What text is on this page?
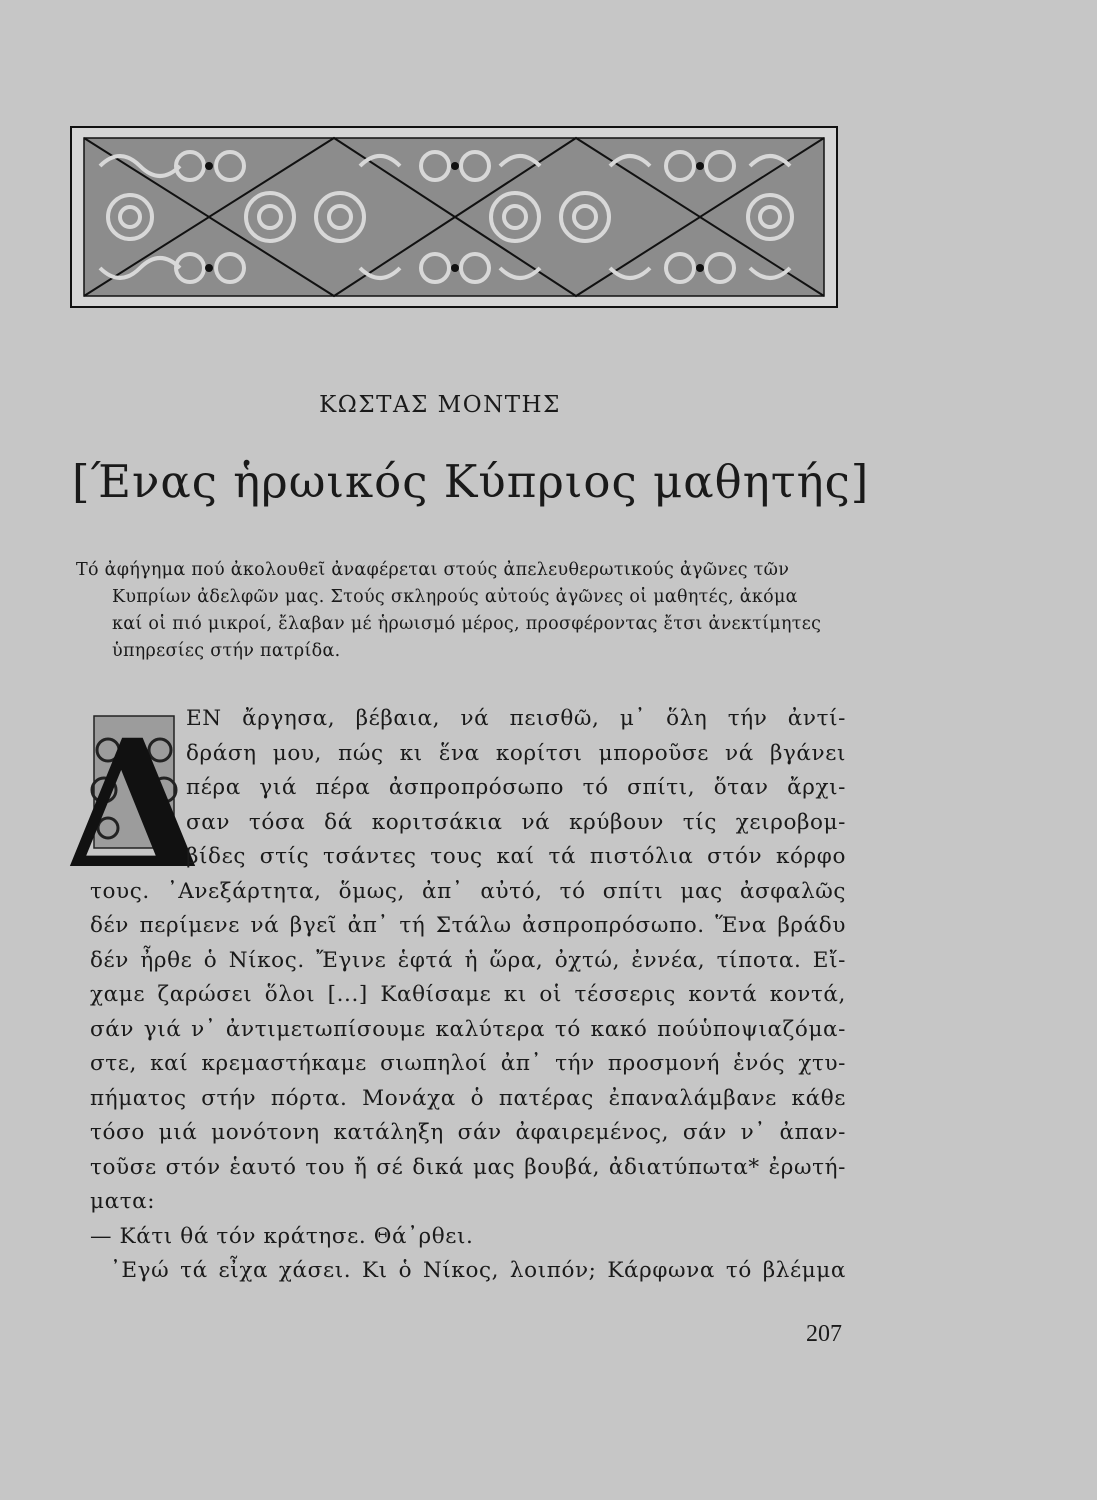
ΚΩΣΤΑΣ ΜΟΝΤΗΣ
[Ένας ἡρωικός Κύπριος μαθητής]
Τό ἀφήγημα πού ἀκολουθεῖ ἀναφέρεται στούς ἀπελευθερωτικούς ἀγῶνες τῶν
Κυπρίων ἀδελφῶν μας. Στούς σκληρούς αὐτούς ἀγῶνες οἱ μαθητές, ἀκόμα
καί οἱ πιό μικροί, ἔλαβαν μέ ἡρωισμό μέρος, προσφέροντας ἔτσι ἀνεκτίμητες
ὑπηρεσίες στήν πατρίδα.
Δ
ΕΝ ἄργησα, βέβαια, νά πεισθῶ, μ᾿ ὅλη τήν ἀντί-
δράση μου, πώς κι ἕνα κορίτσι μποροῦσε νά βγάνει
πέρα γιά πέρα ἀσπροπρόσωπο τό σπίτι, ὅταν ἄρχι-
σαν τόσα δά κοριτσάκια νά κρύβουν τίς χειροβομ-
βίδες στίς τσάντες τους καί τά πιστόλια στόν κόρφο
τους. ᾿Ανεξάρτητα, ὅμως, ἀπ᾿ αὐτό, τό σπίτι μας ἀσφαλῶς
δέν περίμενε νά βγεῖ ἀπ᾿ τή Στάλω ἀσπροπρόσωπο. Ἕνα βράδυ
δέν ἦρθε ὁ Νίκος. Ἔγινε ἑφτά ἡ ὥρα, ὀχτώ, ἐννέα, τίποτα. Εἴ-
χαμε ζαρώσει ὅλοι [...] Καθίσαμε κι οἱ τέσσερις κοντά κοντά,
σάν γιά ν᾿ ἀντιμετωπίσουμε καλύτερα τό κακό πούὑποψιαζόμα-
στε, καί κρεμαστήκαμε σιωπηλοί ἀπ᾿ τήν προσμονή ἑνός χτυ-
πήματος στήν πόρτα. Μονάχα ὁ πατέρας ἐπαναλάμβανε κάθε
τόσο μιά μονότονη κατάληξη σάν ἀφαιρεμένος, σάν ν᾿ ἀπαν-
τοῦσε στόν ἑαυτό του ἤ σέ δικά μας βουβά, ἀδιατύπωτα* ἐρωτή-
ματα:
— Κάτι θά τόν κράτησε. Θά᾿ρθει.
᾿Εγώ τά εἶχα χάσει. Κι ὁ Νίκος, λοιπόν; Κάρφωνα τό βλέμμα
207
